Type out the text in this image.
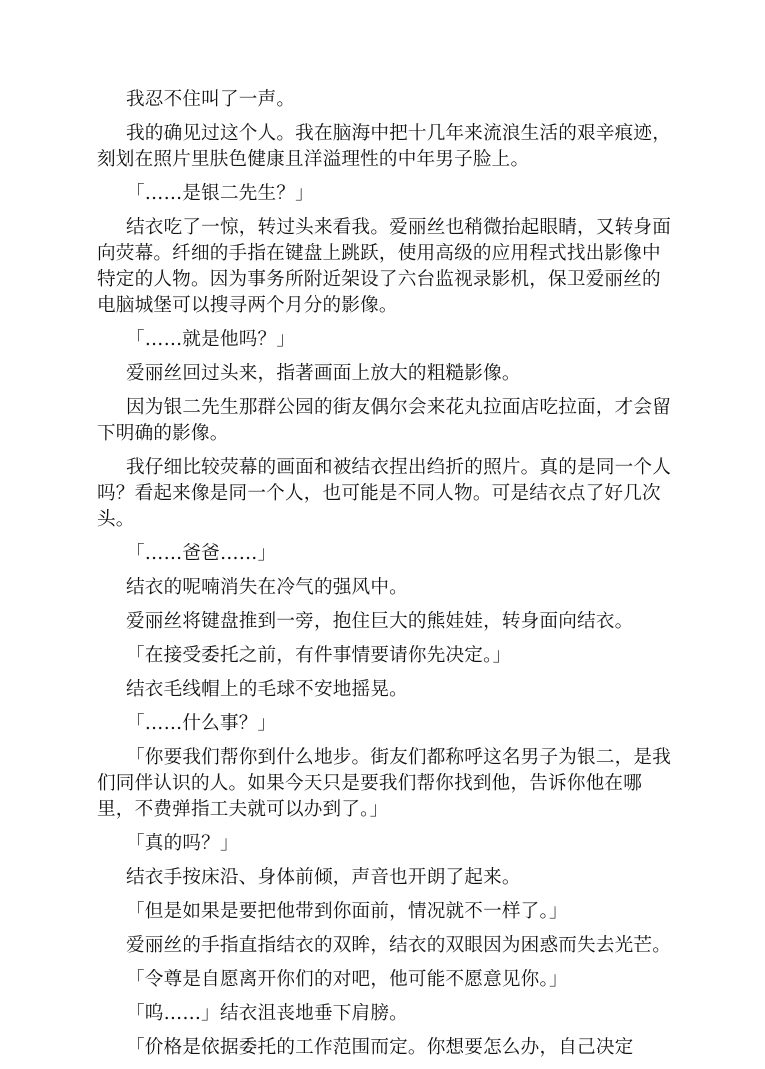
我忍不住叫了一声。

我的确见过这个人。我在脑海中把十几年来流浪生活的艰辛痕迹，刻划在照片里肤色健康且洋溢理性的中年男子脸上。

「……是银二先生？」

结衣吃了一惊，转过头来看我。爱丽丝也稍微抬起眼睛，又转身面向荧幕。纤细的手指在键盘上跳跃，使用高级的应用程式找出影像中特定的人物。因为事务所附近架设了六台监视录影机，保卫爱丽丝的电脑城堡可以搜寻两个月分的影像。

「……就是他吗？」

爱丽丝回过头来，指著画面上放大的粗糙影像。

因为银二先生那群公园的街友偶尔会来花丸拉面店吃拉面，才会留下明确的影像。

我仔细比较荧幕的画面和被结衣捏出绉折的照片。真的是同一个人吗？看起来像是同一个人，也可能是不同人物。可是结衣点了好几次头。

「……爸爸……」

结衣的呢喃消失在冷气的强风中。

爱丽丝将键盘推到一旁，抱住巨大的熊娃娃，转身面向结衣。

「在接受委托之前，有件事情要请你先决定。」

结衣毛线帽上的毛球不安地摇晃。

「……什么事？」

「你要我们帮你到什么地步。街友们都称呼这名男子为银二，是我们同伴认识的人。如果今天只是要我们帮你找到他，告诉你他在哪里，不费弹指工夫就可以办到了。」

「真的吗？」

结衣手按床沿、身体前倾，声音也开朗了起来。

「但是如果是要把他带到你面前，情况就不一样了。」

爱丽丝的手指直指结衣的双眸，结衣的双眼因为困惑而失去光芒。

「令尊是自愿离开你们的对吧，他可能不愿意见你。」

「呜……」结衣沮丧地垂下肩膀。

「价格是依据委托的工作范围而定。你想要怎么办，自己决定
